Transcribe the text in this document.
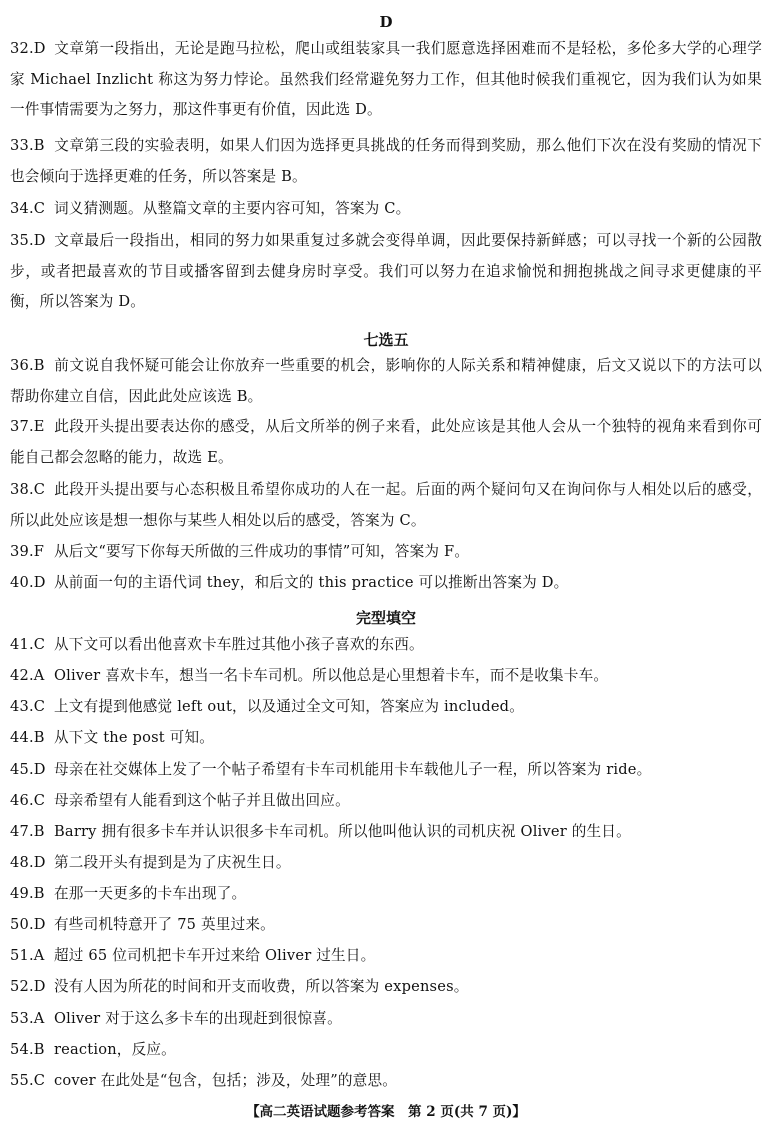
D
32.D 文章第一段指出，无论是跑马拉松，爬山或组装家具一我们愿意选择困难而不是轻松，多伦多大学的心理学家 Michael Inzlicht 称这为努力悖论。虽然我们经常避免努力工作，但其他时候我们重视它，因为我们认为如果一件事情需要为之努力，那这件事更有价值，因此选 D。
33.B 文章第三段的实验表明，如果人们因为选择更具挑战的任务而得到奖励，那么他们下次在没有奖励的情况下也会倾向于选择更难的任务，所以答案是 B。
34.C 词义猜测题。从整篇文章的主要内容可知，答案为 C。
35.D 文章最后一段指出，相同的努力如果重复过多就会变得单调，因此要保持新鲜感；可以寻找一个新的公园散步，或者把最喜欢的节目或播客留到去健身房时享受。我们可以努力在追求愉悦和拥抱挑战之间寻求更健康的平衡，所以答案为 D。
七选五
36.B 前文说自我怀疑可能会让你放弃一些重要的机会，影响你的人际关系和精神健康，后文又说以下的方法可以帮助你建立自信，因此此处应该选 B。
37.E 此段开头提出要表达你的感受，从后文所举的例子来看，此处应该是其他人会从一个独特的视角来看到你可能自己都会忽略的能力，故选 E。
38.C 此段开头提出要与心态积极且希望你成功的人在一起。后面的两个疑问句又在询问你与人相处以后的感受，所以此处应该是想一想你与某些人相处以后的感受，答案为 C。
39.F 从后文“要写下你每天所做的三件成功的事情”可知，答案为 F。
40.D 从前面一句的主语代词 they，和后文的 this practice 可以推断出答案为 D。
完型填空
41.C 从下文可以看出他喜欢卡车胜过其他小孩子喜欢的东西。
42.A Oliver 喜欢卡车，想当一名卡车司机。所以他总是心里想着卡车，而不是收集卡车。
43.C 上文有提到他感觉 left out，以及通过全文可知，答案应为 included。
44.B 从下文 the post 可知。
45.D 母亲在社交媒体上发了一个帖子希望有卡车司机能用卡车载他儿子一程，所以答案为 ride。
46.C 母亲希望有人能看到这个帖子并且做出回应。
47.B Barry 拥有很多卡车并认识很多卡车司机。所以他叫他认识的司机庆祝 Oliver 的生日。
48.D 第二段开头有提到是为了庆祝生日。
49.B 在那一天更多的卡车出现了。
50.D 有些司机特意开了 75 英里过来。
51.A 超过 65 位司机把卡车开过来给 Oliver 过生日。
52.D 没有人因为所花的时间和开支而收费，所以答案为 expenses。
53.A Oliver 对于这么多卡车的出现赶到很惊喜。
54.B reaction，反应。
55.C cover 在此处是“包含，包括；涉及，处理”的意思。
【高二英语试题参考答案　第 2 页(共 7 页)】
